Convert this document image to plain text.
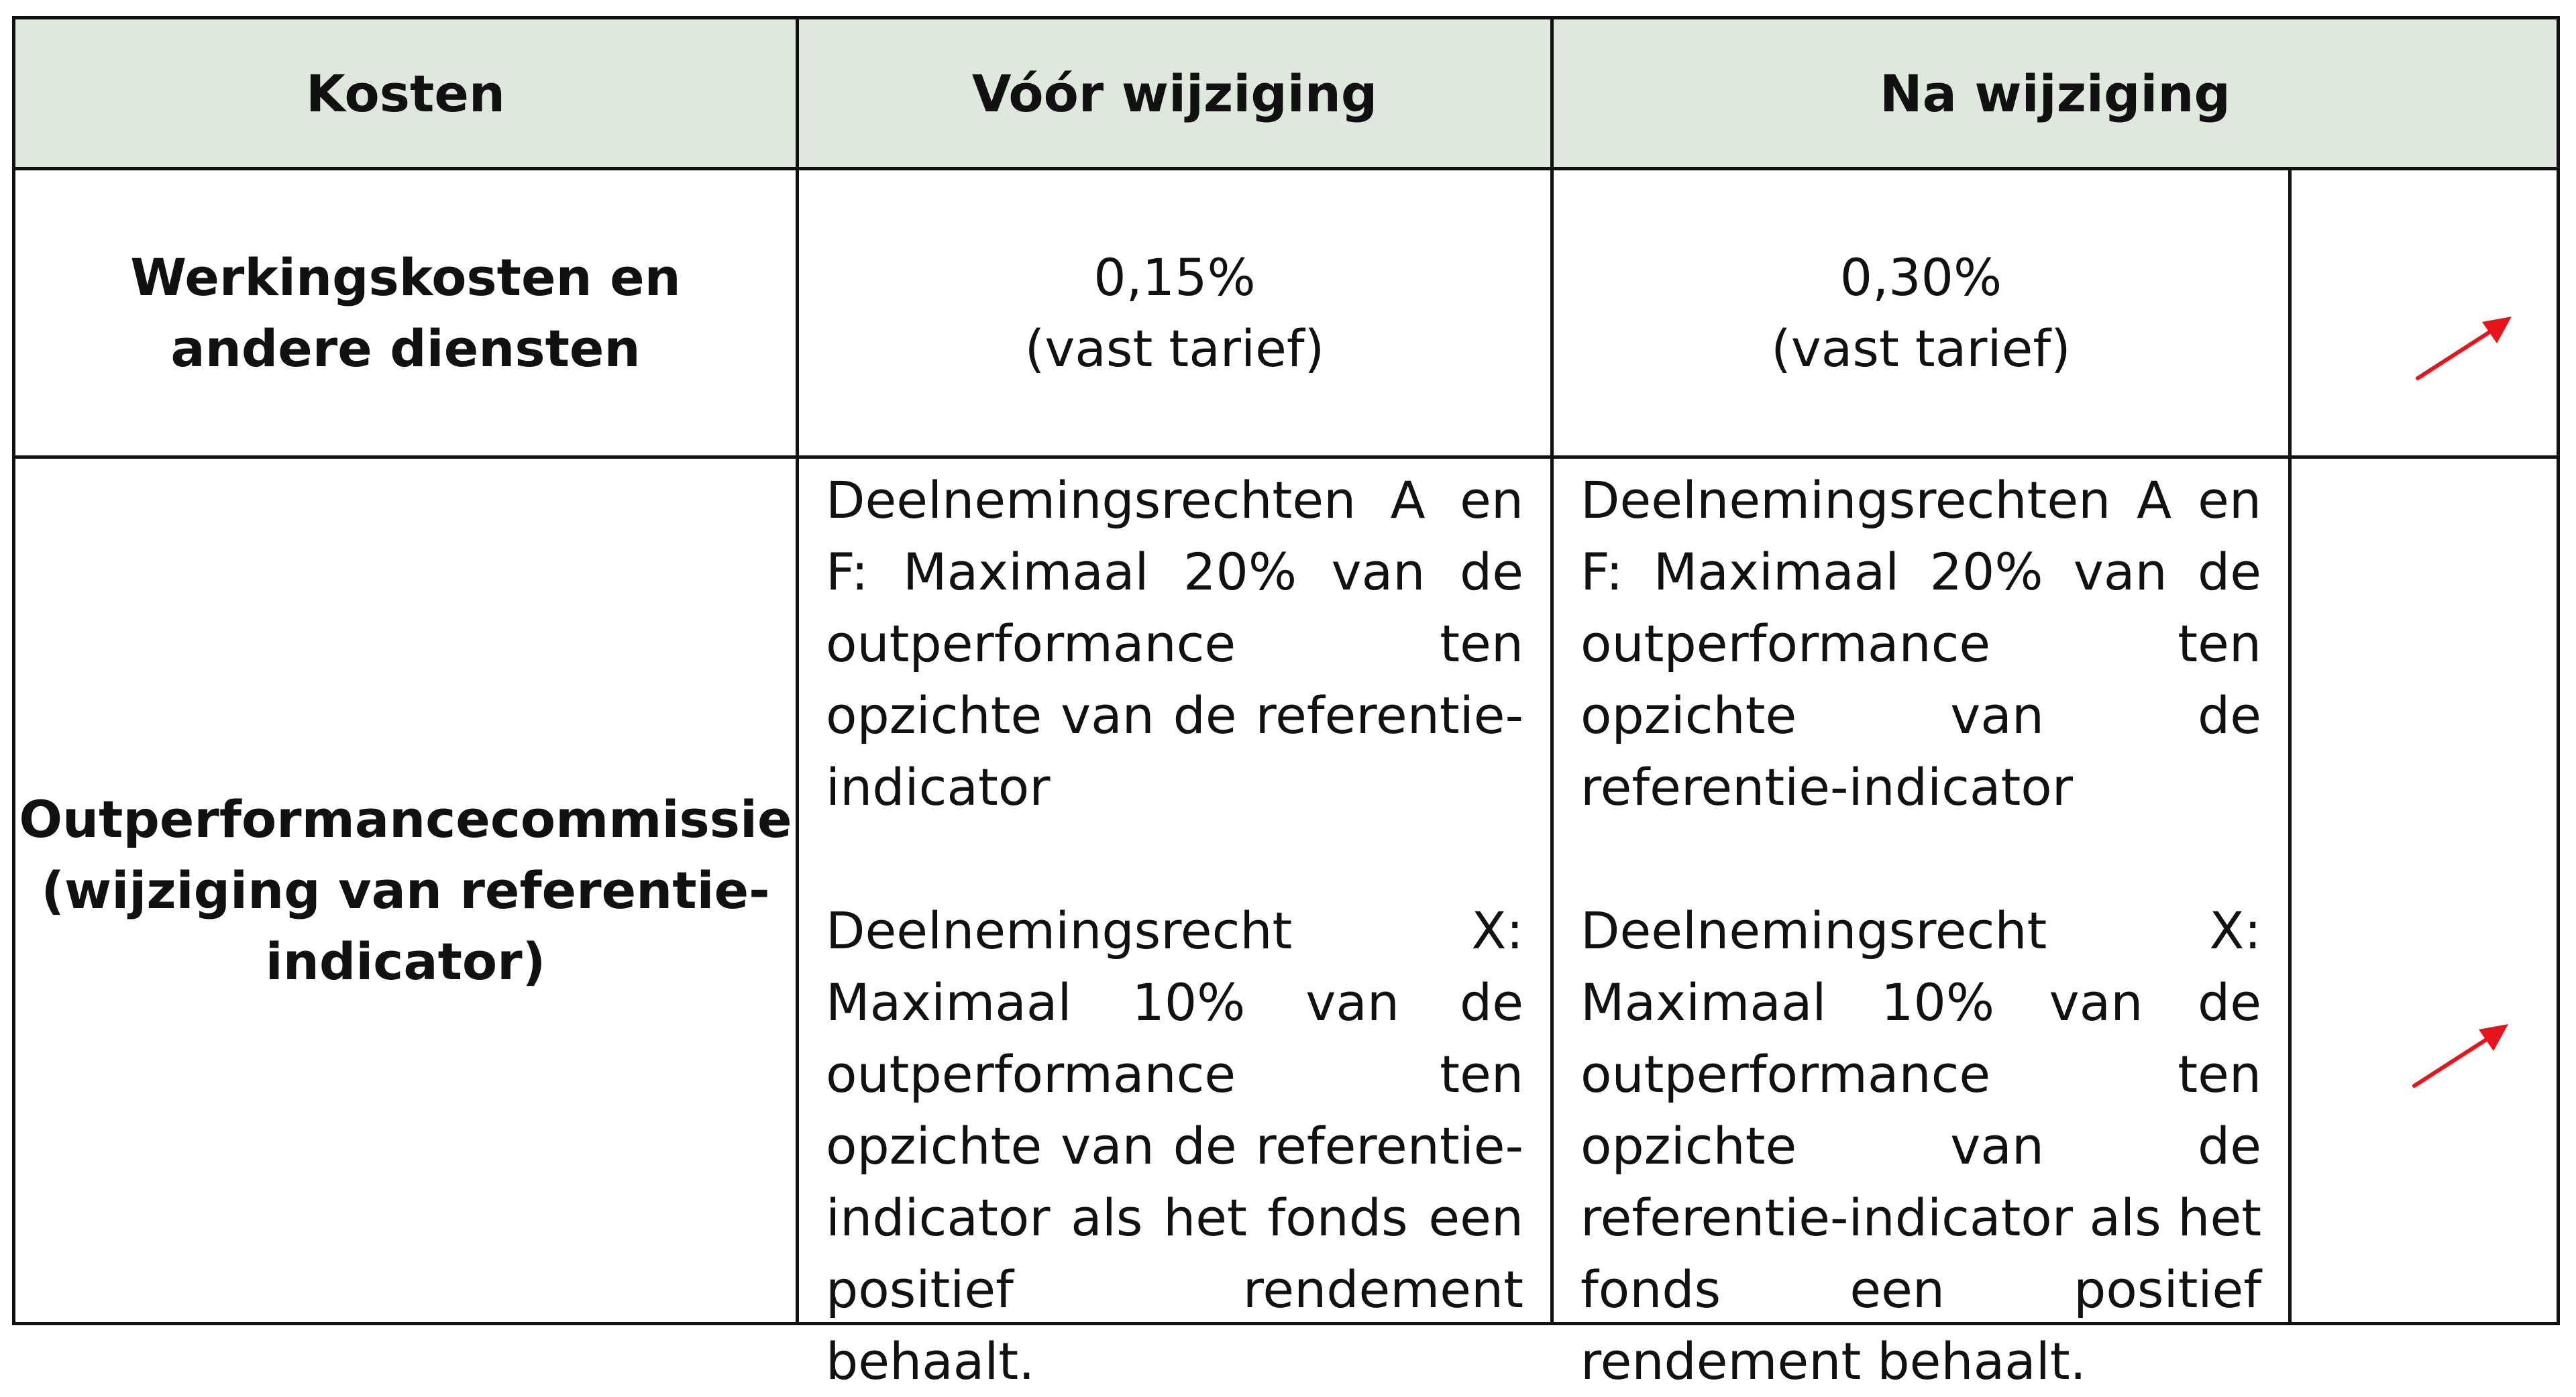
Kosten	Vóór wijziging	Na wijziging
Werkingskosten en andere diensten
0,15%
(vast tarief)
0,30%
(vast tarief)
Outperformancecommissie (wijziging van referentie-indicator)

Deelnemingsrechten A en F: Maximaal 20% van de outperformance ten opzichte van de referentie-indicator

Deelnemingsrecht X: Maximaal 10% van de outperformance ten opzichte van de referentie-indicator als het fonds een positief rendement behaalt.

Deelnemingsrechten A en F: Maximaal 20% van de outperformance ten opzichte van de referentie-indicator

Deelnemingsrecht X: Maximaal 10% van de outperformance ten opzichte van de referentie-indicator als het fonds een positief rendement behaalt.
